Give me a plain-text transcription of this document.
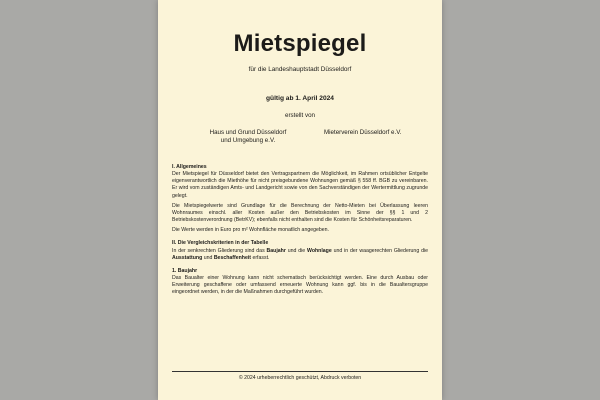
Mietspiegel
für die Landeshauptstadt Düsseldorf
gültig ab 1. April 2024
erstellt von
Haus und Grund Düsseldorf
und Umgebung e.V.
Mieterverein Düsseldorf e.V.
I. Allgemeines

Der Mietspiegel für Düsseldorf bietet den Vertragspartnern die Möglichkeit, im Rahmen ortsüblicher Entgelte eigenverantwortlich die Miethöhe für nicht preisgebundene Wohnungen gemäß § 558 ff. BGB zu vereinbaren. Er wird vom zuständigen Amts- und Landgericht sowie von den Sachverständigen der Wertermittlung zugrunde gelegt.

Die Mietspiegelwerte sind Grundlage für die Berechnung der Netto-Mieten bei Überlassung leeren Wohnraumes einschl. aller Kosten außer den Betriebskosten im Sinne der §§ 1 und 2 Betriebskostenverordnung (BetrKV); ebenfalls nicht enthalten sind die Kosten für Schönheitsreparaturen.

Die Werte werden in Euro pro m² Wohnfläche monatlich angegeben.

II. Die Vergleichskriterien in der Tabelle

In der senkrechten Gliederung sind das Baujahr und die Wohnlage und in der waagerechten Gliederung die Ausstattung und Beschaffenheit erfasst.

1. Baujahr

Das Baualter einer Wohnung kann nicht schematisch berücksichtigt werden. Eine durch Ausbau oder Erweiterung geschaffene oder umfassend erneuerte Wohnung kann ggf. bis in die Baualtersgruppe eingeordnet werden, in der die Maßnahmen durchgeführt wurden.

© 2024 urheberrechtlich geschützt, Abdruck verboten
